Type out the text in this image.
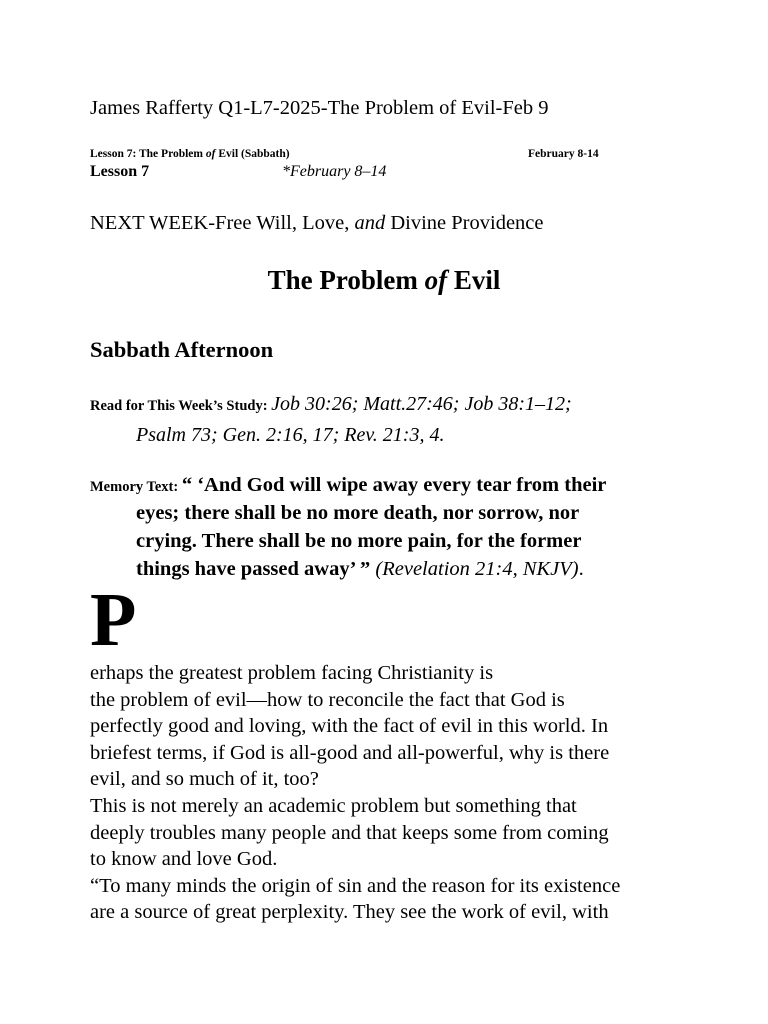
James Rafferty Q1-L7-2025-The Problem of Evil-Feb 9
Lesson 7: The Problem of Evil (Sabbath)	February 8-14
Lesson 7	*February 8–14
NEXT WEEK-Free Will, Love, and Divine Providence
The Problem of Evil
Sabbath Afternoon
Read for This Week’s Study: Job 30:26; Matt.27:46; Job 38:1–12;
Psalm 73; Gen. 2:16, 17; Rev. 21:3, 4.
Memory Text: “ ‘And God will wipe away every tear from their
eyes; there shall be no more death, nor sorrow, nor
crying. There shall be no more pain, for the former
things have passed away’ ” (Revelation 21:4, NKJV).
P
erhaps the greatest problem facing Christianity is
the problem of evil—how to reconcile the fact that God is
perfectly good and loving, with the fact of evil in this world. In
briefest terms, if God is all-good and all-powerful, why is there
evil, and so much of it, too?
This is not merely an academic problem but something that
deeply troubles many people and that keeps some from coming
to know and love God.
“To many minds the origin of sin and the reason for its existence
are a source of great perplexity. They see the work of evil, with
